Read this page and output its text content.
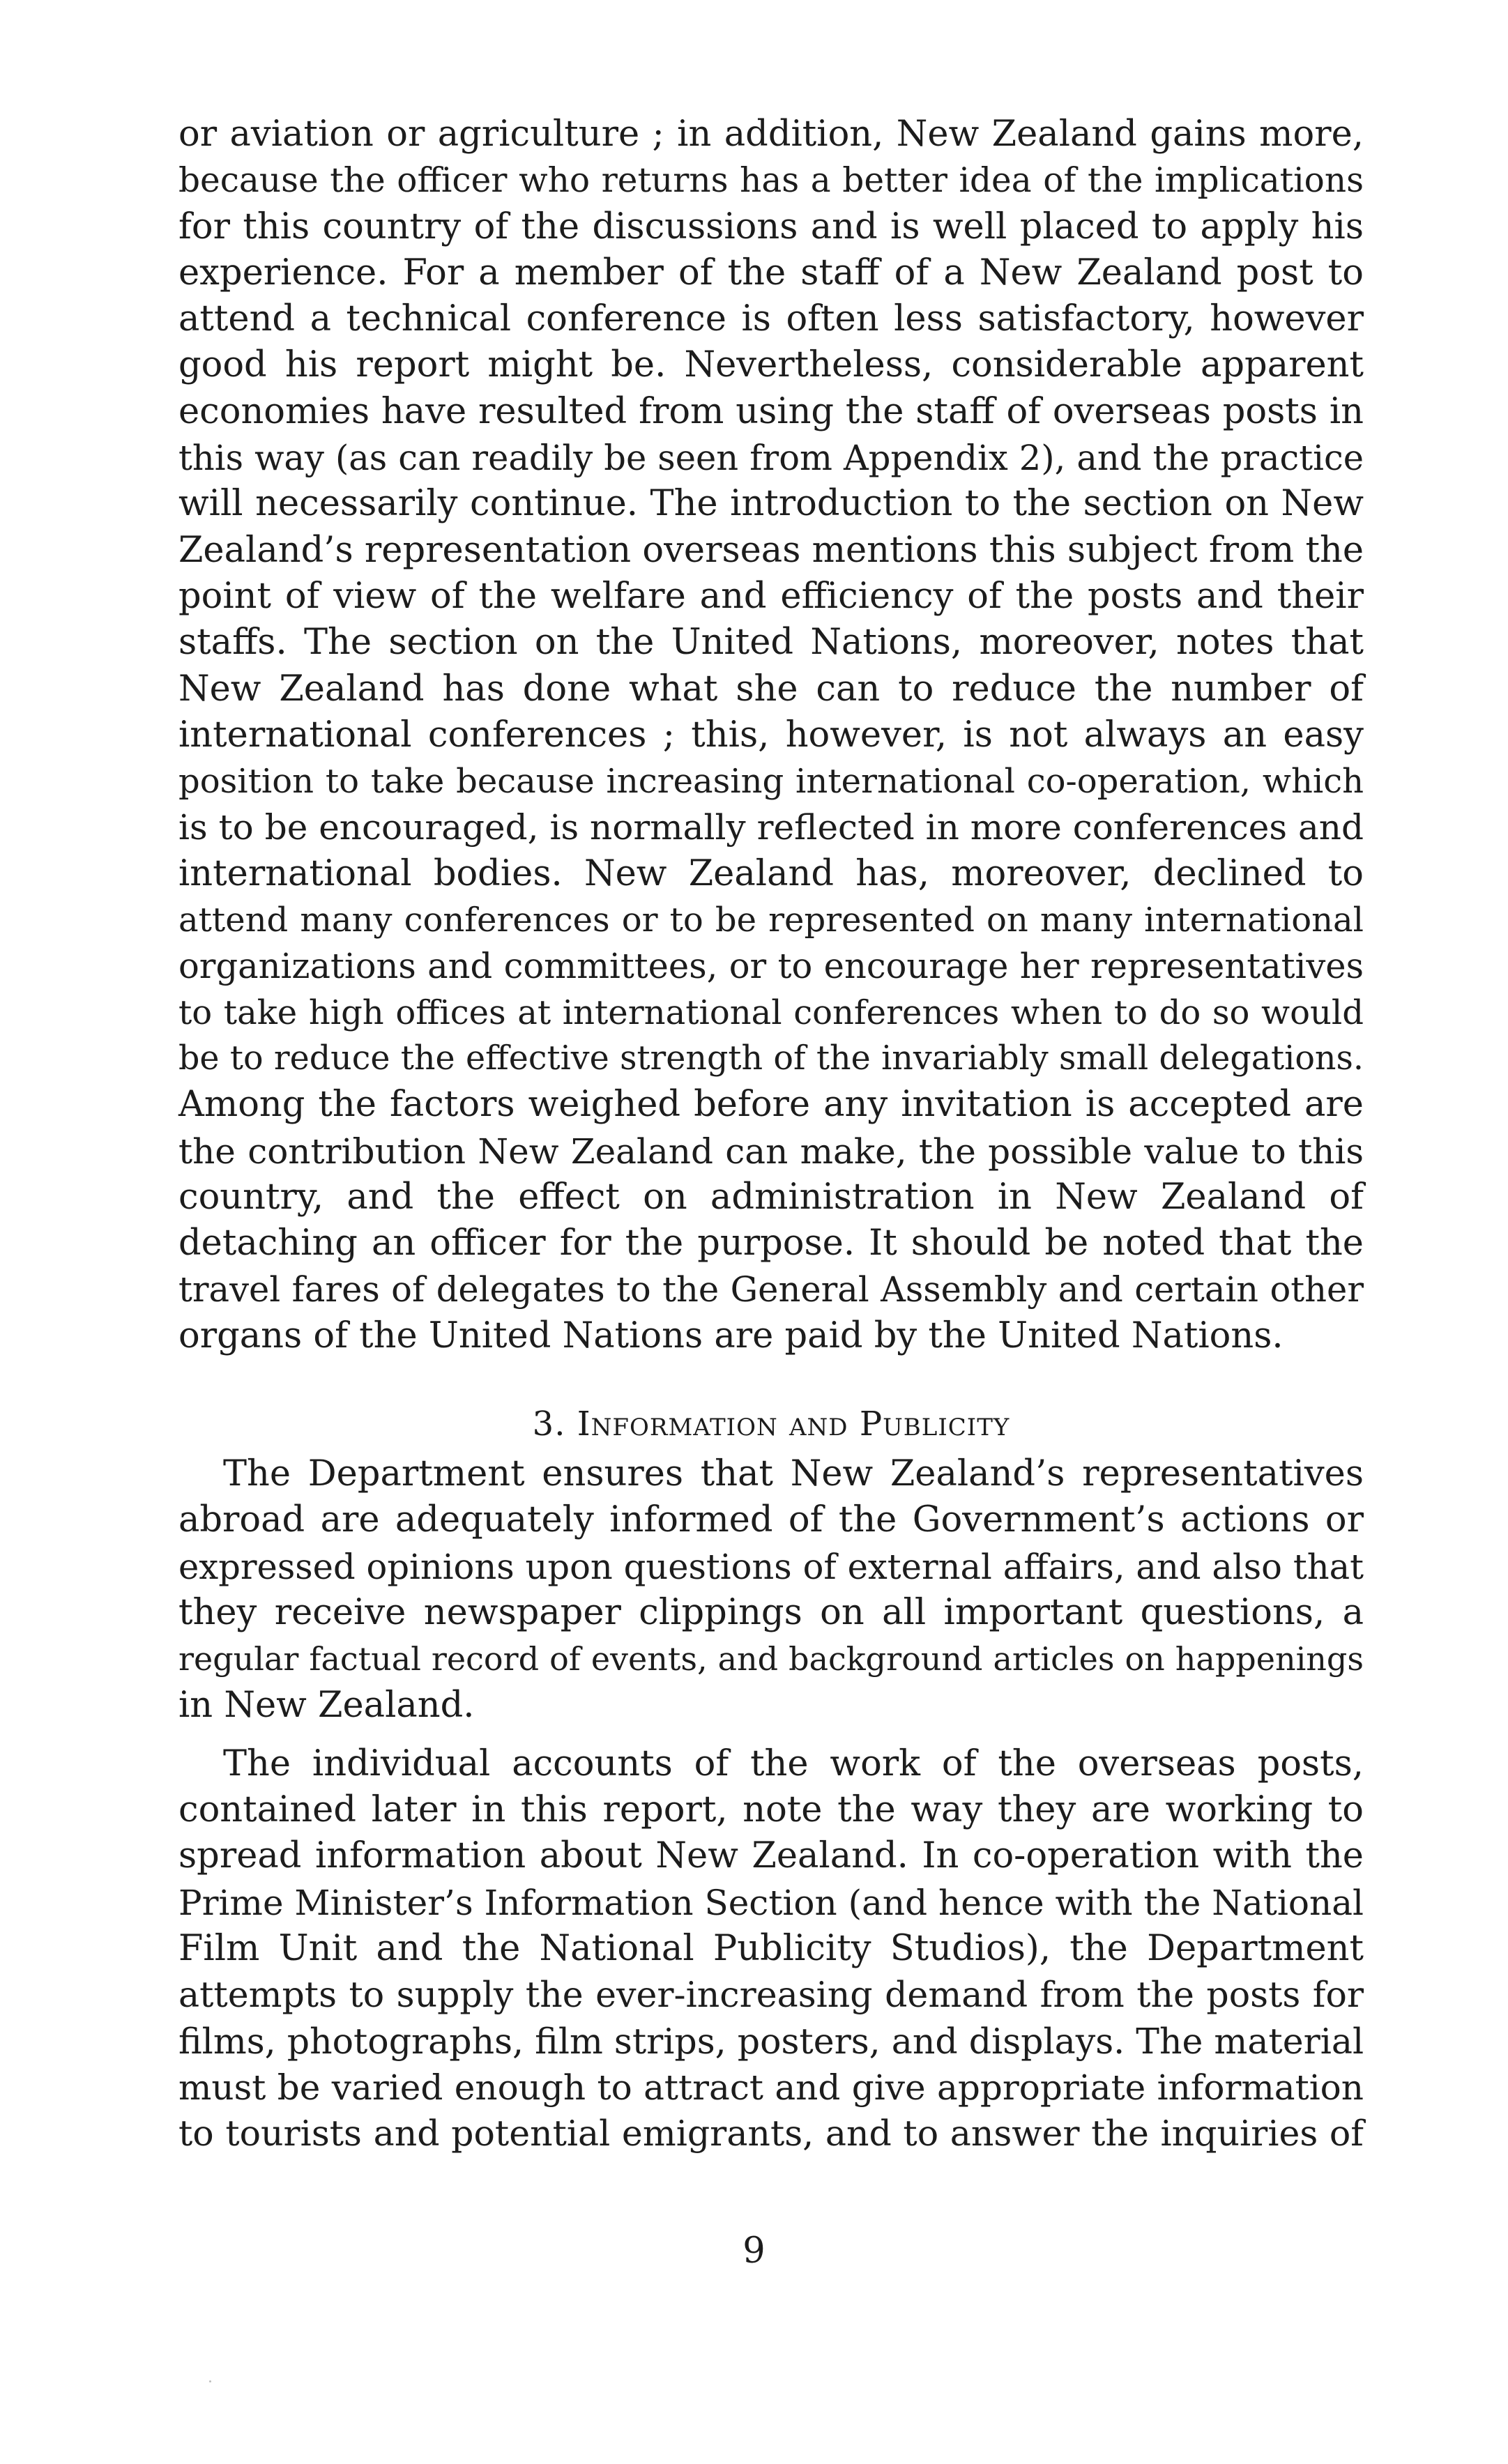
or aviation or agriculture ; in addition, New Zealand gains more,
because the officer who returns has a better idea of the implications
for this country of the discussions and is well placed to apply his
experience. For a member of the staff of a New Zealand post to
attend a technical conference is often less satisfactory, however
good his report might be. Nevertheless, considerable apparent
economies have resulted from using the staff of overseas posts in
this way (as can readily be seen from Appendix 2), and the practice
will necessarily continue. The introduction to the section on New
Zealand’s representation overseas mentions this subject from the
point of view of the welfare and efficiency of the posts and their
staffs. The section on the United Nations, moreover, notes that
New Zealand has done what she can to reduce the number of
international conferences ; this, however, is not always an easy
position to take because increasing international co-operation, which
is to be encouraged, is normally reflected in more conferences and
international bodies. New Zealand has, moreover, declined to
attend many conferences or to be represented on many international
organizations and committees, or to encourage her representatives
to take high offices at international conferences when to do so would
be to reduce the effective strength of the invariably small delegations.
Among the factors weighed before any invitation is accepted are
the contribution New Zealand can make, the possible value to this
country, and the effect on administration in New Zealand of
detaching an officer for the purpose. It should be noted that the
travel fares of delegates to the General Assembly and certain other
organs of the United Nations are paid by the United Nations.
3. Information and Publicity
The Department ensures that New Zealand’s representatives
abroad are adequately informed of the Government’s actions or
expressed opinions upon questions of external affairs, and also that
they receive newspaper clippings on all important questions, a
regular factual record of events, and background articles on happenings
in New Zealand.
The individual accounts of the work of the overseas posts,
contained later in this report, note the way they are working to
spread information about New Zealand. In co-operation with the
Prime Minister’s Information Section (and hence with the National
Film Unit and the National Publicity Studios), the Department
attempts to supply the ever-increasing demand from the posts for
films, photographs, film strips, posters, and displays. The material
must be varied enough to attract and give appropriate information
to tourists and potential emigrants, and to answer the inquiries of
9
